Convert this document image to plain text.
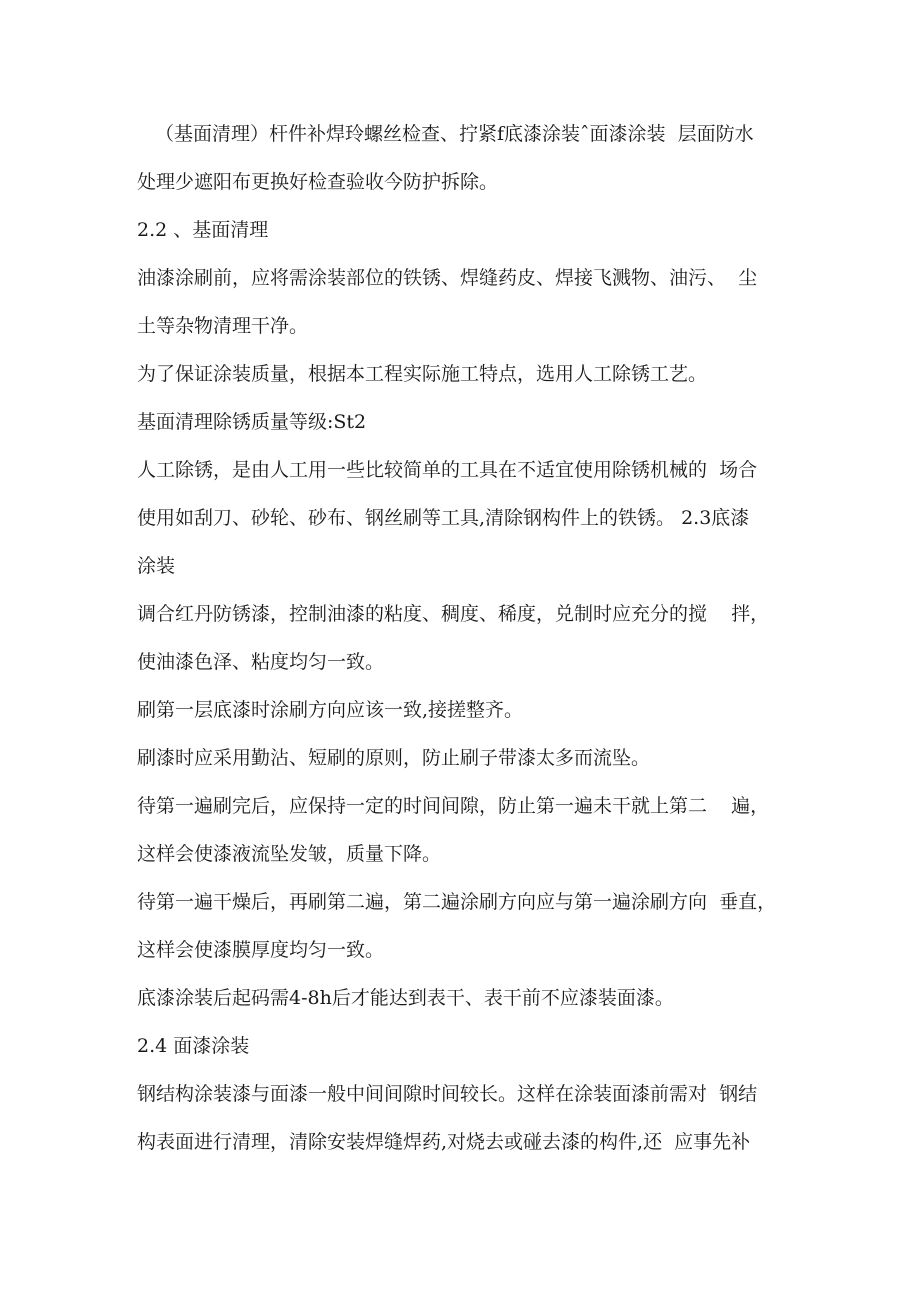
（基面清理）杆件补焊玲螺丝检查、拧紧f底漆涂装ˆ面漆涂装  层面防水
处理少遮阳布更换好检查验收今防护拆除。
2.2 、基面清理
油漆涂刷前，应将需涂装部位的铁锈、焊缝药皮、焊接飞溅物、油污、  尘
土等杂物清理干净。
为了保证涂装质量，根据本工程实际施工特点，选用人工除锈工艺。
基面清理除锈质量等级:St2
人工除锈，是由人工用一些比较简单的工具在不适宜使用除锈机械的  场合
使用如刮刀、砂轮、砂布、钢丝刷等工具,清除钢构件上的铁锈。 2.3底漆
涂装
调合红丹防锈漆，控制油漆的粘度、稠度、稀度，兑制时应充分的搅    拌，
使油漆色泽、粘度均匀一致。
刷第一层底漆时涂刷方向应该一致,接搓整齐。
刷漆时应采用勤沾、短刷的原则，防止刷子带漆太多而流坠。
待第一遍刷完后，应保持一定的时间间隙，防止第一遍未干就上第二    遍，
这样会使漆液流坠发皱，质量下降。
待第一遍干燥后，再刷第二遍，第二遍涂刷方向应与第一遍涂刷方向  垂直，
这样会使漆膜厚度均匀一致。
底漆涂装后起码需4-8h后才能达到表干、表干前不应漆装面漆。
2.4 面漆涂装
钢结构涂装漆与面漆一般中间间隙时间较长。这样在涂装面漆前需对  钢结
构表面进行清理，清除安装焊缝焊药,对烧去或碰去漆的构件,还  应事先补
